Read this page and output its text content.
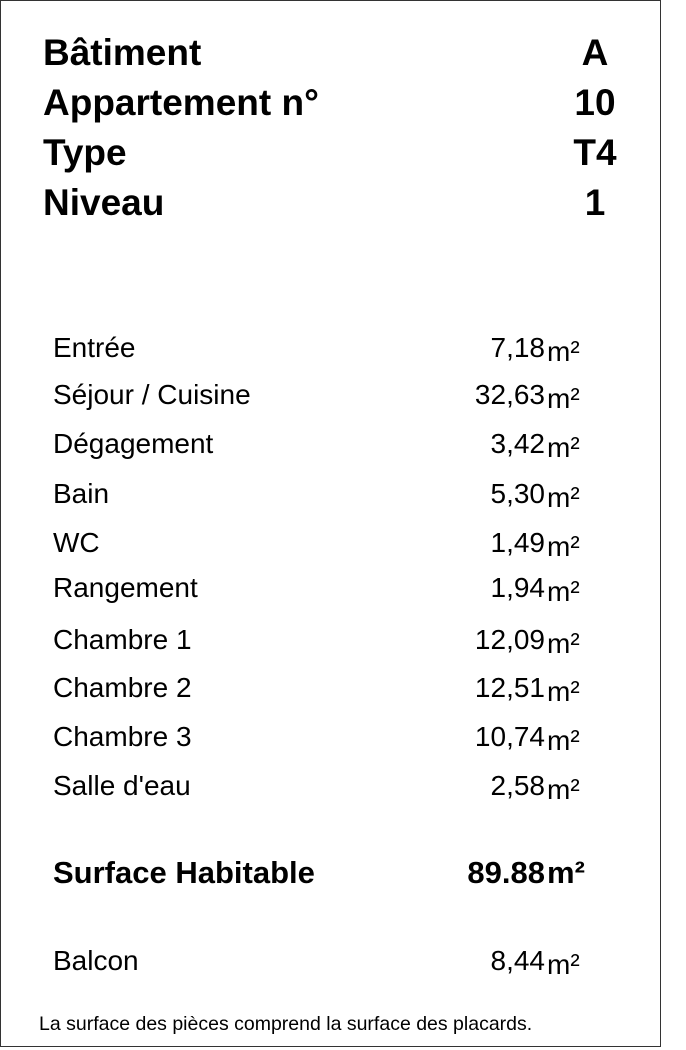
Bâtiment	A
Appartement n°	10
Type	T4
Niveau	1
Entrée	7,18 m²
Séjour / Cuisine	32,63 m²
Dégagement	3,42 m²
Bain	5,30 m²
WC	1,49 m²
Rangement	1,94 m²
Chambre 1	12,09 m²
Chambre 2	12,51 m²
Chambre 3	10,74 m²
Salle d'eau	2,58 m²
Surface Habitable	89.88 m²
Balcon	8,44 m²
La surface des pièces comprend la surface des placards.
